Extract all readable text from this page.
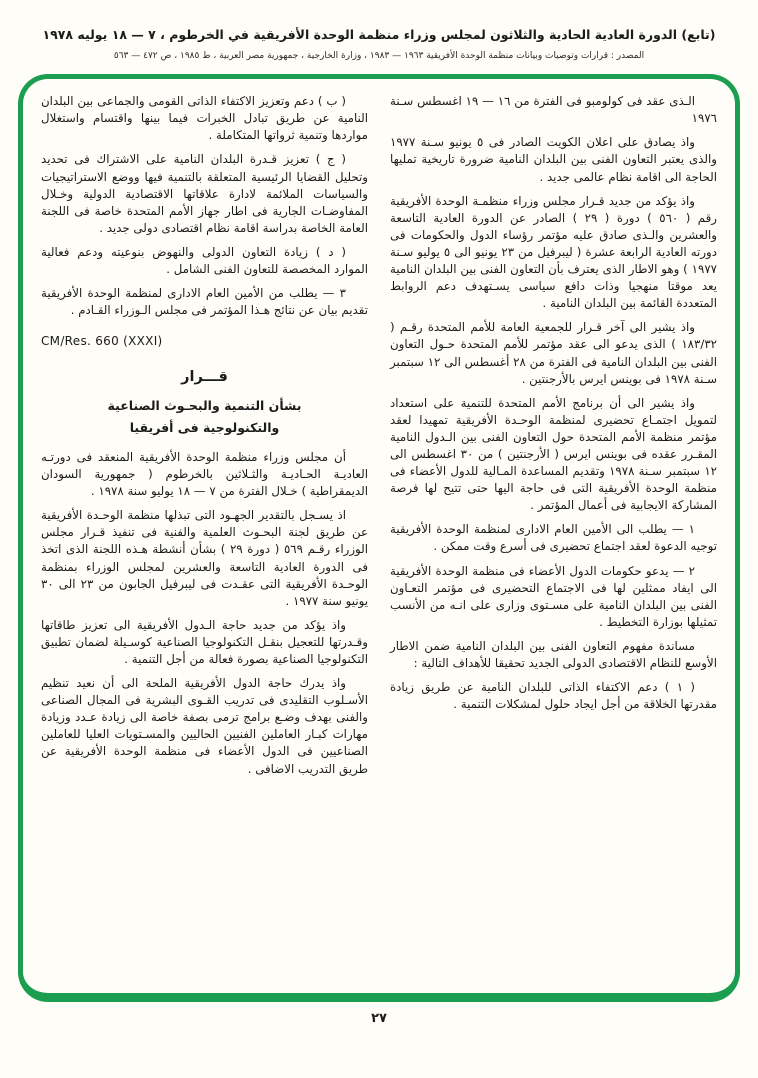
(تابع) الدورة العادية الحادية والثلاثون لمجلس وزراء منظمة الوحدة الأفريقية في الخرطوم ، ٧ — ١٨ يوليه ١٩٧٨
المصدر : قرارات وتوصيات وبيانات منظمة الوحدة الأفريقية ١٩٦٣ — ١٩٨٣ ، وزارة الخارجية ، جمهورية مصر العربية ، ط ١٩٨٥ ، ص ٤٧٢ — ٥٦٣

الـذى عقد فى كولومبو فى الفترة من ١٦ — ١٩ اغسطس سـنة ١٩٧٦

واذ يصادق على اعلان الكويت الصادر فى ٥ يونيو سـنة ١٩٧٧ والذى يعتبر التعاون الفنى بين البلدان النامية ضرورة تاريخية تمليها الحاجة الى اقامة نظام عالمى جديد .

واذ يؤكد من جديد قـرار مجلس وزراء منظمـة الوحدة الأفريقية رقم ( ٥٦٠ ) دورة ( ٢٩ ) الصادر عن الدورة العادية التاسعة والعشرين والـذى صادق عليه مؤتمر رؤساء الدول والحكومات فى دورته العادية الرابعة عشرة ( ليبرفيل من ٢٣ يونيو الى ٥ يوليو سـنة ١٩٧٧ ) وهو الاطار الذى يعترف بأن التعاون الفنى بين البلدان النامية يعد موقتا منهجيا وذات دافع سياسى يسـتهدف دعم الروابط المتعددة القائمة بين البلدان النامية .

واذ يشير الى آخر قـرار للجمعية العامة للأمم المتحدة رقـم ( ١٨٣/٣٢ ) الذى يدعو الى عقد مؤتمر للأمم المتحدة حـول التعاون الفنى بين البلدان النامية فى الفترة من ٢٨ أغسطس الى ١٢ سبتمبر سـنة ١٩٧٨ فى بوينس ايرس بالأرجنتين .

واذ يشير الى أن برنامج الأمم المتحدة للتنمية على استعداد لتمويل اجتمـاع تحضيرى لمنظمة الوحـدة الأفريقية تمهيدا لعقد مؤتمر منظمة الأمم المتحدة حول التعاون الفنى بين الـدول النامية المقـرر عقده فى بوينس ايرس ( الأرجنتين ) من ٣٠ اغسطس الى ١٢ سبتمبر سـنة ١٩٧٨ وتقديم المساعدة المـالية للدول الأعضاء فى منظمة الوحدة الأفريقية التى فى حاجة اليها حتى تتيح لها فرصة المشاركة الايجابية فى أعمال المؤتمر .

١ — يطلب الى الأمين العام الادارى لمنظمة الوحدة الأفريقية توجيه الدعوة لعقد اجتماع تحضيرى فى أسرع وقت ممكن .

٢ — يدعو حكومات الدول الأعضاء فى منظمة الوحدة الأفريقية الى ايفاد ممثلين لها فى الاجتماع التحضيرى فى مؤتمر التعـاون الفنى بين البلدان النامية على مسـتوى وزارى على انـه من الأنسب تمثيلها بوزارة التخطيط .

مساندة مفهوم التعاون الفنى بين البلدان النامية ضمن الاطار الأوسع للنظام الاقتصادى الدولى الجديد تحقيقا للأهداف التالية :

( ١ ) دعم الاكتفاء الذاتى للبلدان النامية عن طريق زيادة مقدرتها الخلاقة من أجل ايجاد حلول لمشكلات التنمية .

( ب ) دعم وتعزيز الاكتفاء الذاتى القومى والجماعى بين البلدان النامية عن طريق تبادل الخبرات فيما بينها واقتسام واستغلال مواردها وتنمية ثرواتها المتكاملة .

( ج ) تعزيز قـدرة البلدان النامية على الاشتراك فى تحديد وتحليل القضايا الرئيسية المتعلقة بالتنمية فيها ووضع الاستراتيجيات والسياسات الملائمة لادارة علاقاتها الاقتصادية الدولية وخـلال المفاوضـات الجارية فى اطار جهاز الأمم المتحدة خاصة فى اللجنة العامة الخاصة بدراسة اقامة نظام اقتصادى دولى جديد .

( د ) زيادة التعاون الدولى والنهوض بنوعيته ودعم فعالية الموارد المخصصة للتعاون الفنى الشامل .

٣ — يطلب من الأمين العام الادارى لمنظمة الوحدة الأفريقية تقديم بيان عن نتائج هـذا المؤتمر فى مجلس الـوزراء القـادم .

CM/Res. 660 (XXXI)
قـــرار
بشأن التنمية والبحـوث الصناعية
والتكنولوجية فى أفريقيا

أن مجلس وزراء منظمة الوحدة الأفريقية المنعقد فى دورتـه العاديـة الحـاديـة والثـلاثين بالخرطوم ( جمهورية السودان الديمقراطية ) خـلال الفترة من ٧ — ١٨ يوليو سنة ١٩٧٨ .

اذ يسـجل بالتقدير الجهـود التى تبذلها منظمة الوحـدة الأفريقية عن طريق لجنة البحـوث العلمية والفنية فى تنفيذ قـرار مجلس الوزراء رقـم ٥٦٩ ( دورة ٢٩ ) بشأن أنشطة هـذه اللجنة الذى اتخذ فى الدورة العادية التاسعة والعشرين لمجلس الوزراء بمنظمة الوحـدة الأفريقية التى عقـدت فى ليبرفيل الجابون من ٢٣ الى ٣٠ يونيو سنة ١٩٧٧ .

واذ يؤكد من جديد حاجة الـدول الأفريقية الى تعزيز طاقاتها وقـدرتها للتعجيل بنقـل التكنولوجيا الصناعية كوسـيلة لضمان تطبيق التكنولوجيا الصناعية بصورة فعالة من أجل التنمية .

واذ يدرك حاجة الدول الأفريقية الملحة الى أن نعيد تنظيم الأسـلوب التقليدى فى تدريب القـوى البشرية فى المجال الصناعى والفنى بهدف وضـع برامج ترمى بصفة خاصة الى زيادة عـدد وزيادة مهارات كبـار العاملين الفنيين الحاليين والمسـتويات العليا للعاملين الصناعيين فى الدول الأعضاء فى منظمة الوحدة الأفريقية عن طريق التدريب الاضافى .

٢٧
